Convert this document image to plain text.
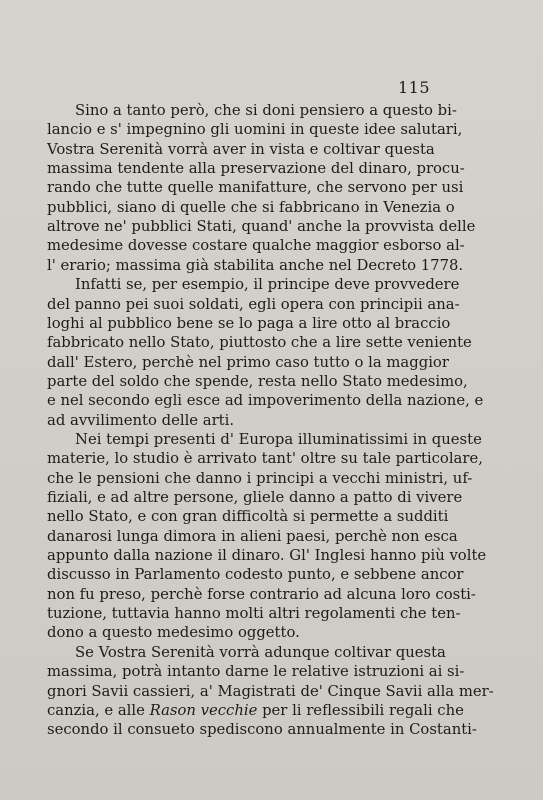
115
Sino a tanto però, che si doni pensiero a questo bi-
lancio e s' impegnino gli uomini in queste idee salutari,
Vostra Serenità vorrà aver in vista e coltivar questa
massima tendente alla preservazione del dinaro, procu-
rando che tutte quelle manifatture, che servono per usi
pubblici, siano di quelle che si fabbricano in Venezia o
altrove ne' pubblici Stati, quand' anche la provvista delle
medesime dovesse costare qualche maggior esborso al-
l' erario; massima già stabilita anche nel Decreto 1778.
Infatti se, per esempio, il principe deve provvedere
del panno pei suoi soldati, egli opera con principii ana-
loghi al pubblico bene se lo paga a lire otto al braccio
fabbricato nello Stato, piuttosto che a lire sette veniente
dall' Estero, perchè nel primo caso tutto o la maggior
parte del soldo che spende, resta nello Stato medesimo,
e nel secondo egli esce ad impoverimento della nazione, e
ad avvilimento delle arti.
Nei tempi presenti d' Europa illuminatissimi in queste
materie, lo studio è arrivato tant' oltre su tale particolare,
che le pensioni che danno i principi a vecchi ministri, uf-
fiziali, e ad altre persone, gliele danno a patto di vivere
nello Stato, e con gran difficoltà si permette a sudditi
danarosi lunga dimora in alieni paesi, perchè non esca
appunto dalla nazione il dinaro. Gl' Inglesi hanno più volte
discusso in Parlamento codesto punto, e sebbene ancor
non fu preso, perchè forse contrario ad alcuna loro costi-
tuzione, tuttavia hanno molti altri regolamenti che ten-
dono a questo medesimo oggetto.
Se Vostra Serenità vorrà adunque coltivar questa
massima, potrà intanto darne le relative istruzioni ai si-
gnori Savii cassieri, a' Magistrati de' Cinque Savii alla mer-
canzia, e alle Rason vecchie per li reflessibili regali che
secondo il consueto spediscono annualmente in Costanti-
